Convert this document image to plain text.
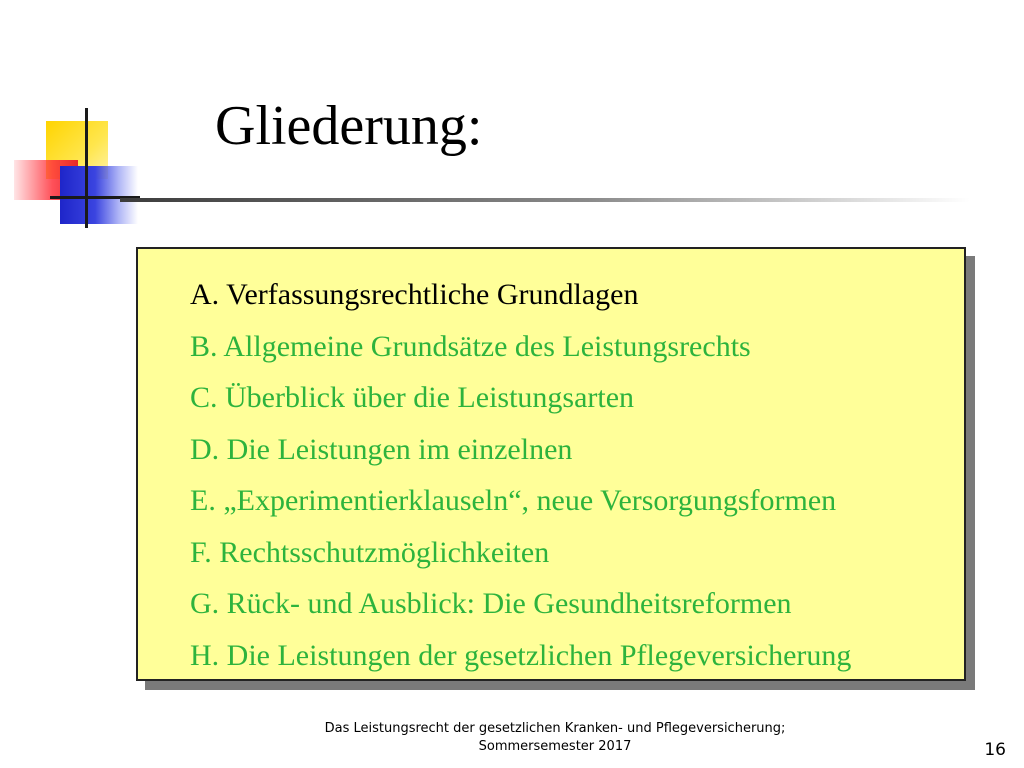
Gliederung:
A. Verfassungsrechtliche Grundlagen
B. Allgemeine Grundsätze des Leistungsrechts
C. Überblick über die Leistungsarten
D. Die Leistungen im einzelnen
E. „Experimentierklauseln“, neue Versorgungsformen
F. Rechtsschutzmöglichkeiten
G. Rück- und Ausblick: Die Gesundheitsreformen
H. Die Leistungen der gesetzlichen Pflegeversicherung
Das Leistungsrecht der gesetzlichen Kranken- und Pflegeversicherung;
Sommersemester 2017	16
